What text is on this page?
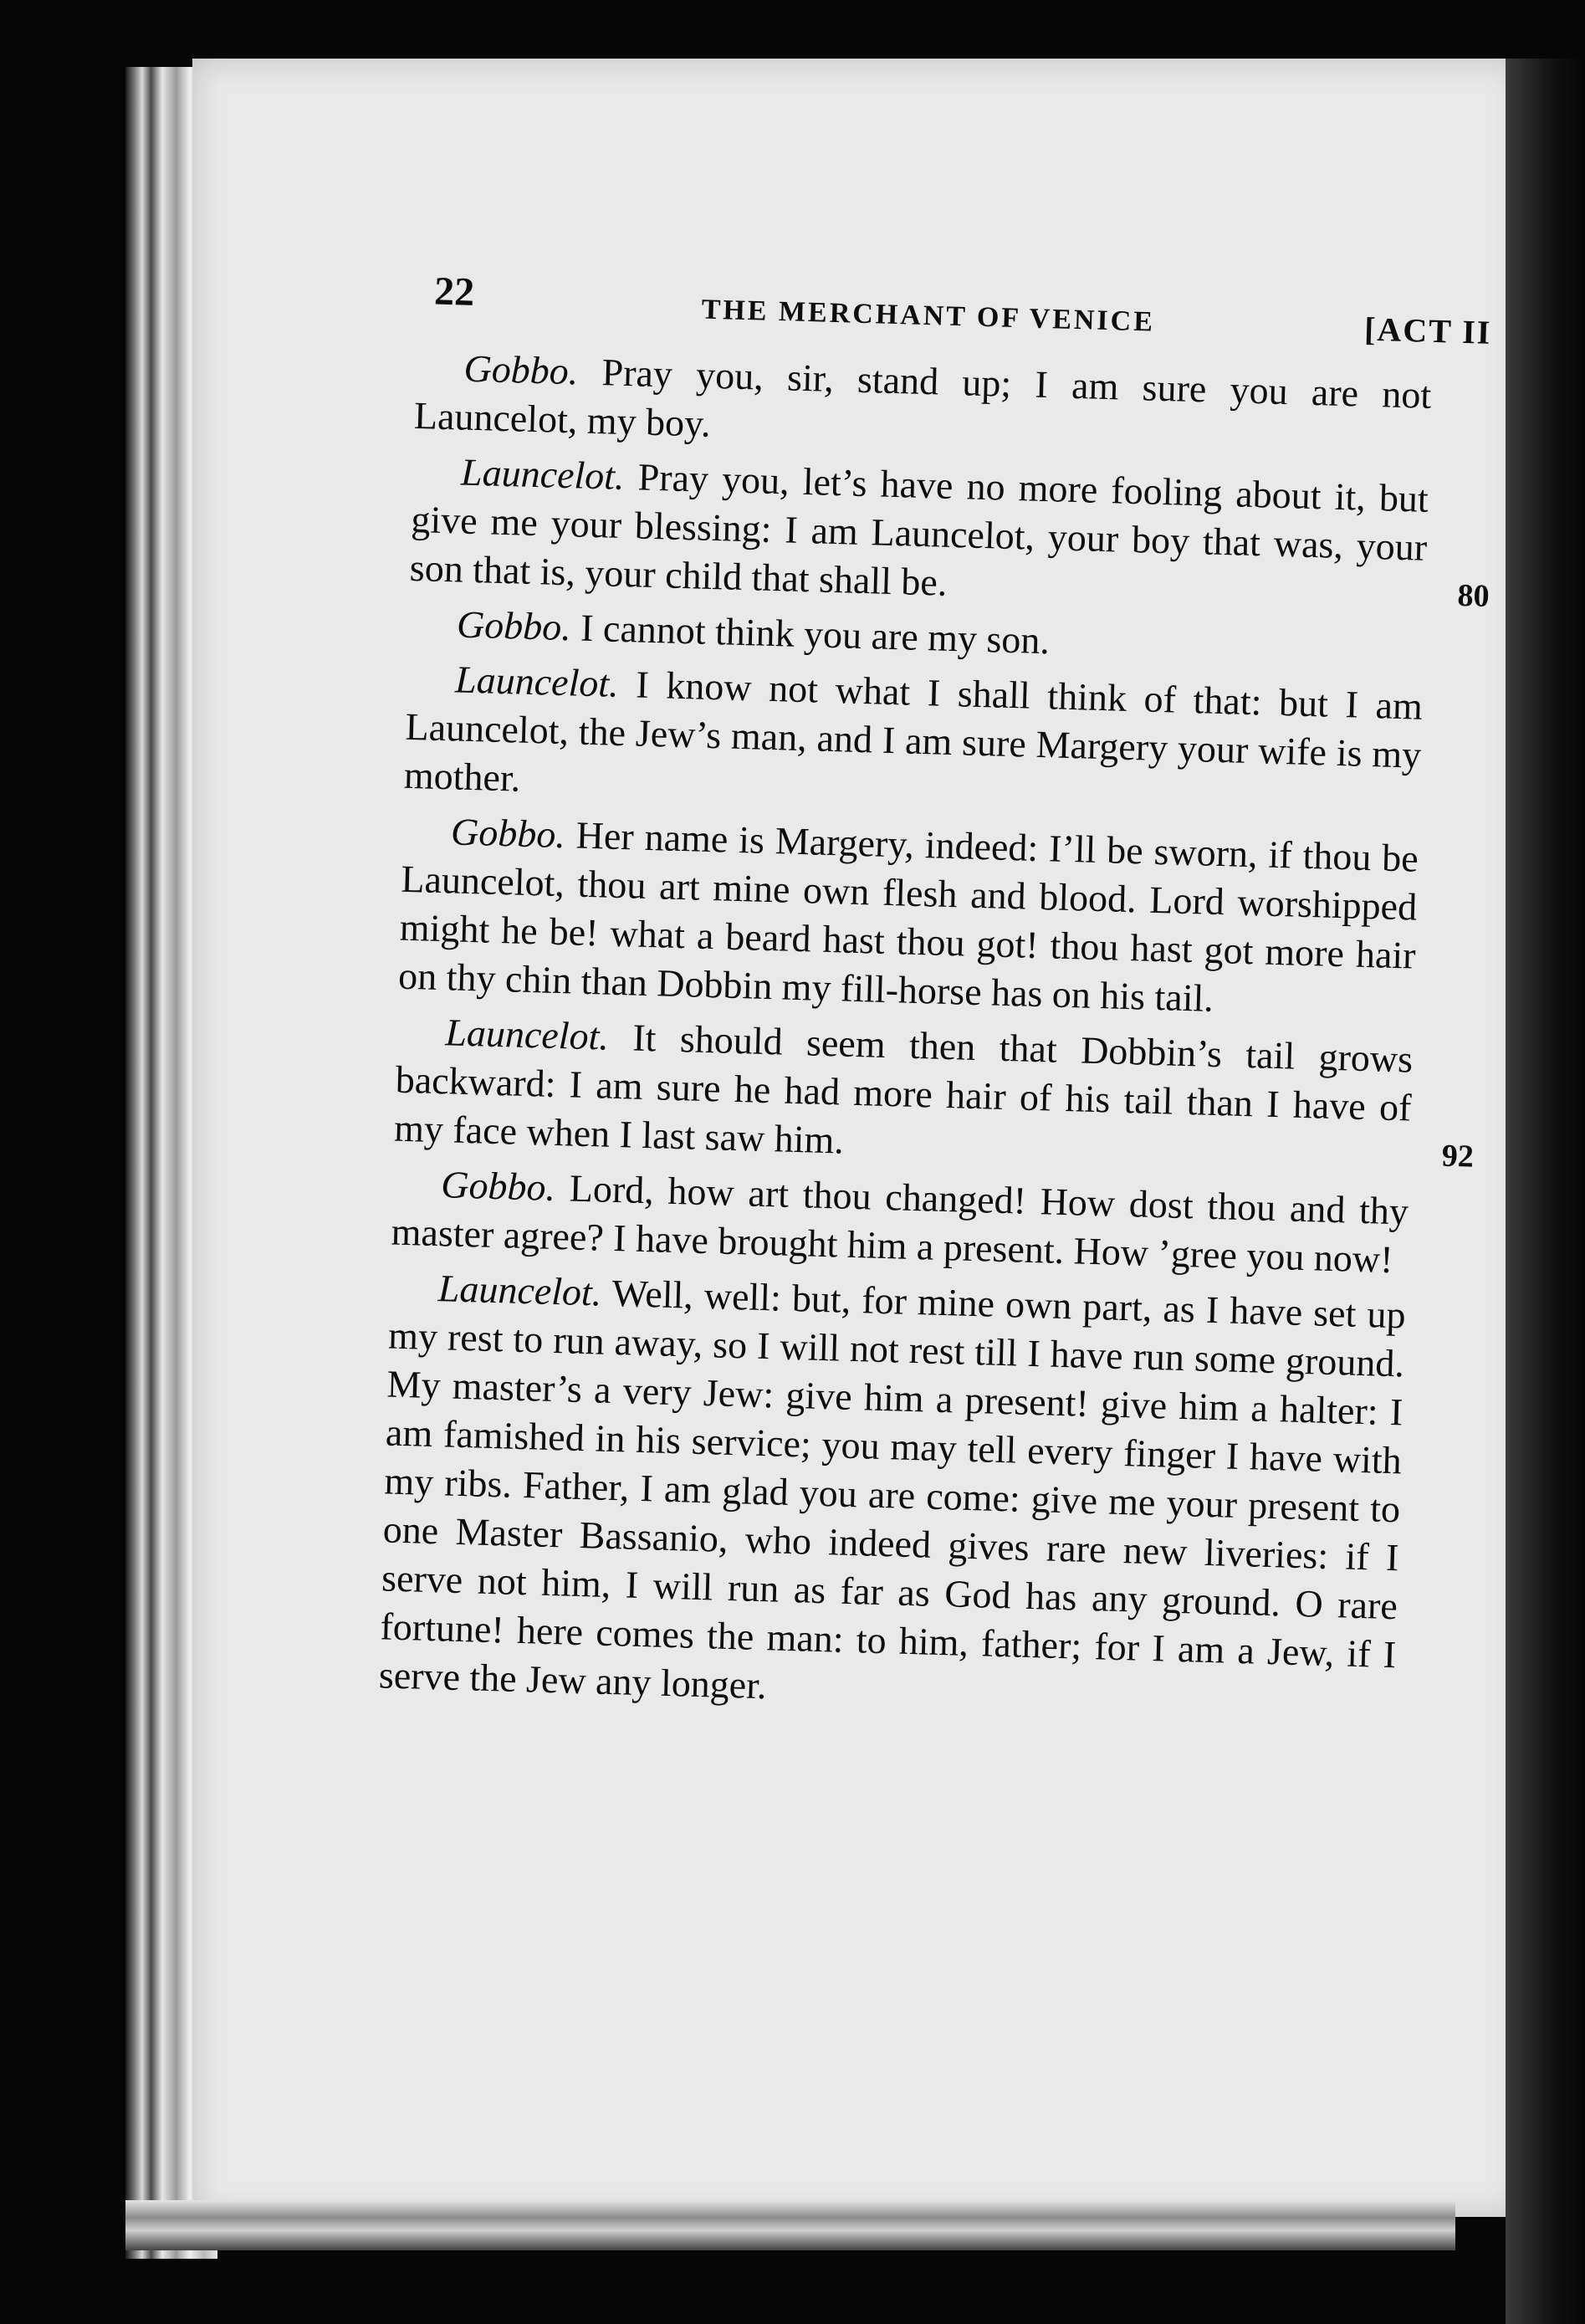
22
THE MERCHANT OF VENICE	[ACT II

Gobbo. Pray you, sir, stand up; I am sure you are not Launcelot, my boy.

Launcelot. Pray you, let’s have no more fooling about it, but give me your blessing: I am Launcelot, your boy that was, your son that is, your child that shall be.	80

Gobbo. I cannot think you are my son.

Launcelot. I know not what I shall think of that: but I am Launcelot, the Jew’s man, and I am sure Margery your wife is my mother.

Gobbo. Her name is Margery, indeed: I’ll be sworn, if thou be Launcelot, thou art mine own flesh and blood. Lord worshipped might he be! what a beard hast thou got! thou hast got more hair on thy chin than Dobbin my fill-horse has on his tail.

Launcelot. It should seem then that Dobbin’s tail grows backward: I am sure he had more hair of his tail than I have of my face when I last saw him.	92

Gobbo. Lord, how art thou changed! How dost thou and thy master agree? I have brought him a present. How ’gree you now!

Launcelot. Well, well: but, for mine own part, as I have set up my rest to run away, so I will not rest till I have run some ground. My master’s a very Jew: give him a present! give him a halter: I am famished in his service; you may tell every finger I have with my ribs. Father, I am glad you are come: give me your present to one Master Bassanio, who indeed gives rare new liveries: if I serve not him, I will run as far as God has any ground. O rare fortune! here comes the man: to him, father; for I am a Jew, if I serve the Jew any longer.
